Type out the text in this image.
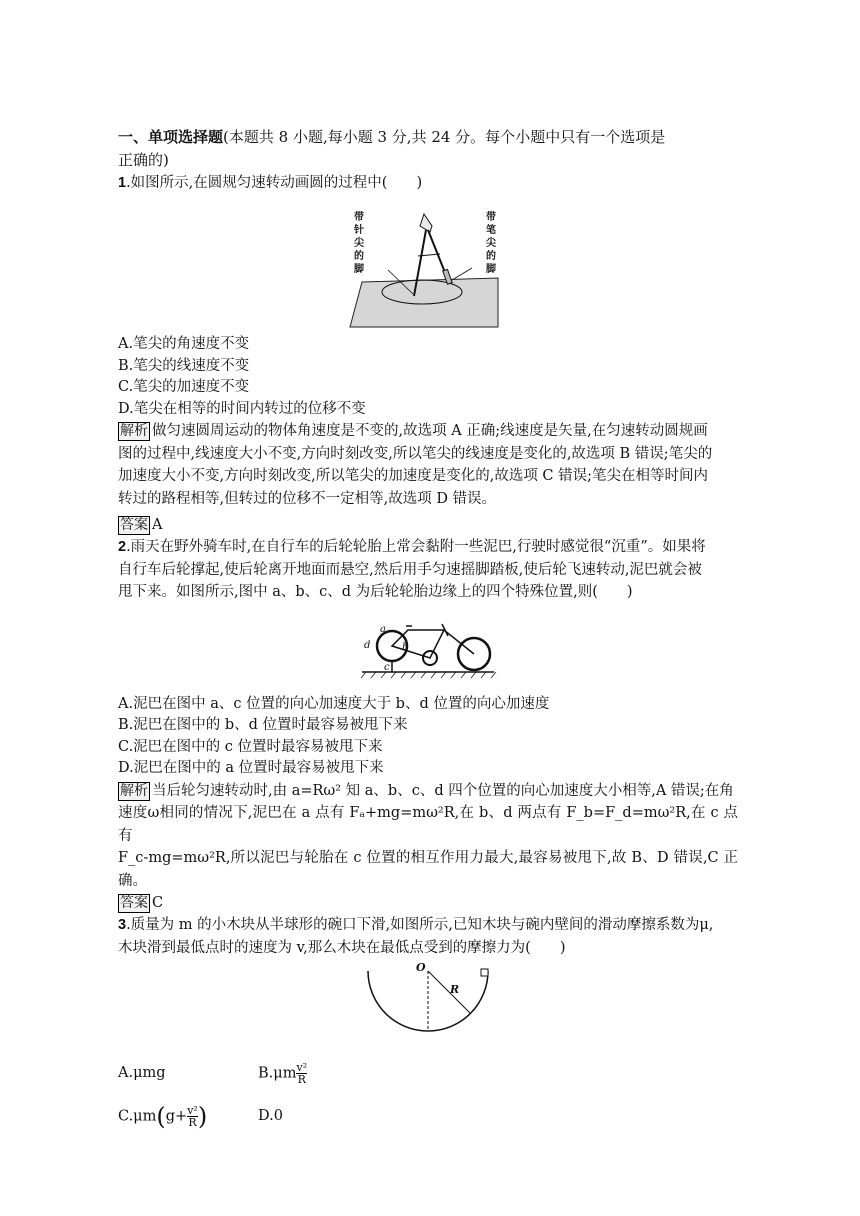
一、单项选择题(本题共 8 小题,每小题 3 分,共 24 分。每个小题中只有一个选项是
正确的)

1.如图所示,在圆规匀速转动画圆的过程中(　　)

带
针
尖
的
脚
带
笔
尖
的
脚

A.笔尖的角速度不变

B.笔尖的线速度不变

C.笔尖的加速度不变

D.笔尖在相等的时间内转过的位移不变

解析 做匀速圆周运动的物体角速度是不变的,故选项 A 正确;线速度是矢量,在匀速转动圆规画
图的过程中,线速度大小不变,方向时刻改变,所以笔尖的线速度是变化的,故选项 B 错误;笔尖的
加速度大小不变,方向时刻改变,所以笔尖的加速度是变化的,故选项 C 错误;笔尖在相等时间内
转过的路程相等,但转过的位移不一定相等,故选项 D 错误。

答案 A

2.雨天在野外骑车时,在自行车的后轮轮胎上常会黏附一些泥巴,行驶时感觉很“沉重”。如果将
自行车后轮撑起,使后轮离开地面而悬空,然后用手匀速摇脚踏板,使后轮飞速转动,泥巴就会被
甩下来。如图所示,图中 a、b、c、d 为后轮轮胎边缘上的四个特殊位置,则(　　)

a
b
c
d

A.泥巴在图中 a、c 位置的向心加速度大于 b、d 位置的向心加速度

B.泥巴在图中的 b、d 位置时最容易被甩下来

C.泥巴在图中的 c 位置时最容易被甩下来

D.泥巴在图中的 a 位置时最容易被甩下来

解析 当后轮匀速转动时,由 a=Rω² 知 a、b、c、d 四个位置的向心加速度大小相等,A 错误;在角
速度ω相同的情况下,泥巴在 a 点有 Fₐ+mg=mω²R,在 b、d 两点有 F_b=F_d=mω²R,在 c 点有
F_c-mg=mω²R,所以泥巴与轮胎在 c 位置的相互作用力最大,最容易被甩下,故 B、D 错误,C 正确。

答案 C

3.质量为 m 的小木块从半球形的碗口下滑,如图所示,已知木块与碗内壁间的滑动摩擦系数为μ,
木块滑到最低点时的速度为 v,那么木块在最低点受到的摩擦力为(　　)

O
R
A.μmg	$B.\mu m \frac{\text{v²}}{R}$
$C.\mu m(g+ \frac{\text{v²}}{R}$ )	D.0
